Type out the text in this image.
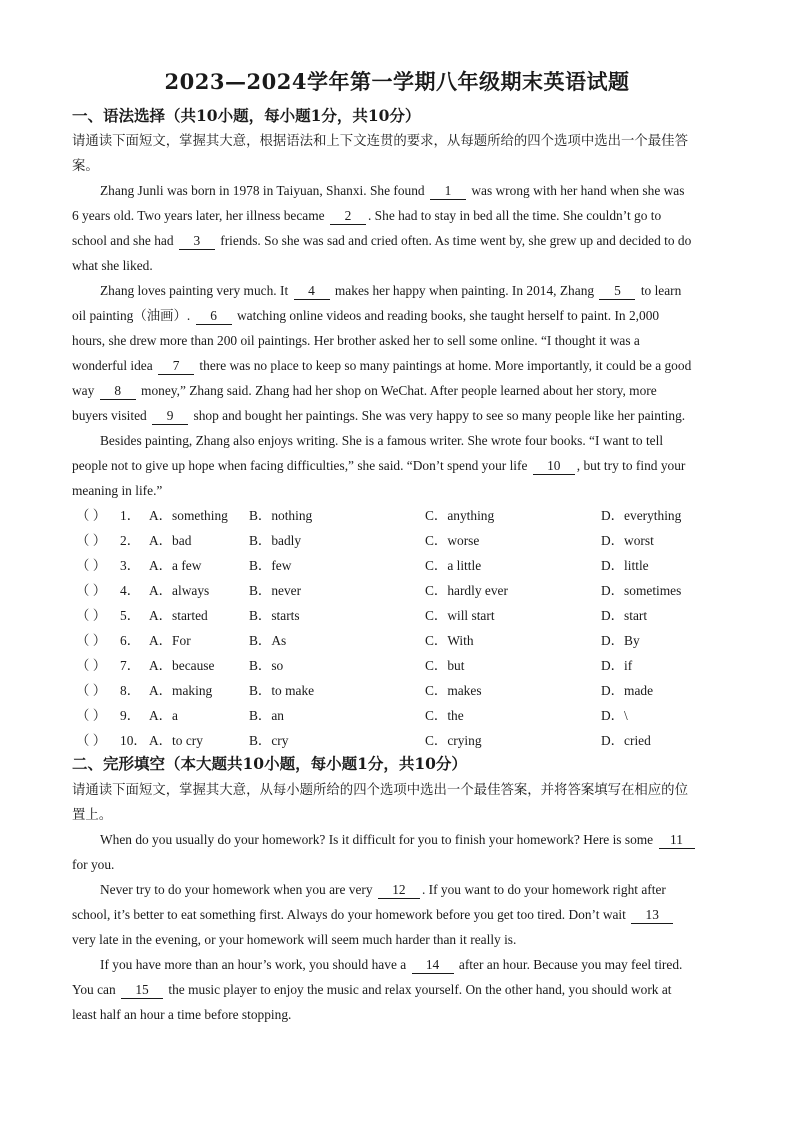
2023—2024学年第一学期八年级期末英语试题
一、语法选择（共10小题，每小题1分，共10分）
请通读下面短文，掌握其大意，根据语法和上下文连贯的要求，从每题所给的四个选项中选出一个最佳答
案。
Zhang Junli was born in 1978 in Taiyuan, Shanxi. She found 1 was wrong with her hand when she was
6 years old. Two years later, her illness became 2 . She had to stay in bed all the time. She couldn’t go to
school and she had 3 friends. So she was sad and cried often. As time went by, she grew up and decided to do
what she liked.
Zhang loves painting very much. It 4 makes her happy when painting. In 2014, Zhang 5 to learn
oil painting（油画）. 6 watching online videos and reading books, she taught herself to paint. In 2,000
hours, she drew more than 200 oil paintings. Her brother asked her to sell some online. “I thought it was a
wonderful idea 7 there was no place to keep so many paintings at home. More importantly, it could be a good
way 8 money,” Zhang said. Zhang had her shop on WeChat. After people learned about her story, more
buyers visited 9 shop and bought her paintings. She was very happy to see so many people like her painting.
Besides painting, Zhang also enjoys writing. She is a famous writer. She wrote four books. “I want to tell
people not to give up hope when facing difficulties,” she said. “Don’t spend your life 10 , but try to find your
meaning in life.”
（ ） 1． A．something B．nothing	C．anything	D．everything
（ ） 2． A．bad	B．badly	C．worse	D．worst
（ ） 3． A．a few	B．few	C．a little	D．little
（ ） 4． A．always	B．never	C．hardly ever	D．sometimes
（ ） 5． A．started	B．starts	C．will start	D．start
（ ） 6． A．For	B．As	C．With	D．By
（ ） 7． A．because	B．so	C．but	D．if
（ ） 8． A．making	B．to make	C．makes	D．made
（ ） 9． A．a	B．an	C．the	D．\
（ ） 10． A．to cry	B．cry	C．crying	D．cried
二、完形填空（本大题共10小题，每小题1分，共10分）
请通读下面短文，掌握其大意，从每小题所给的四个选项中选出一个最佳答案，并将答案填写在相应的位
置上。
When do you usually do your homework? Is it difficult for you to finish your homework? Here is some 11
for you.
Never try to do your homework when you are very 12 . If you want to do your homework right after
school, it’s better to eat something first. Always do your homework before you get too tired. Don’t wait 13
very late in the evening, or your homework will seem much harder than it really is.
If you have more than an hour’s work, you should have a 14 after an hour. Because you may feel tired.
You can 15 the music player to enjoy the music and relax yourself. On the other hand, you should work at
least half an hour a time before stopping.
